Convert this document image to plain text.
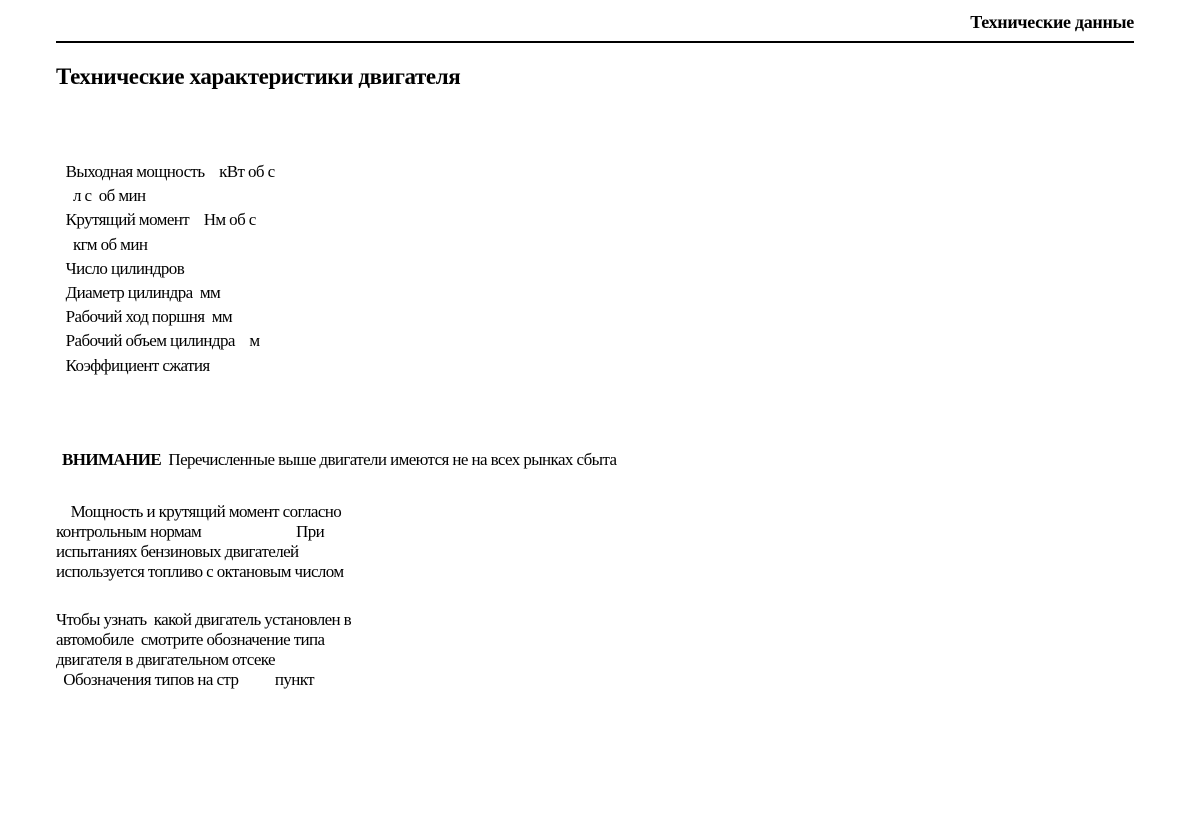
Технические данные
Технические характеристики двигателя
Выходная мощность    кВт об с
л с  об мин
Крутящий момент    Нм об с
кгм об мин
Число цилиндров
Диаметр цилиндра  мм
Рабочий ход поршня  мм
Рабочий объем цилиндра    м
Коэффициент сжатия
ВНИМАНИЕ  Перечисленные выше двигатели имеются не на всех рынках сбыта
Мощность и крутящий момент согласно
контрольным нормам                          При
испытаниях бензиновых двигателей
используется топливо с октановым числом
Чтобы узнать  какой двигатель установлен в
автомобиле  смотрите обозначение типа
двигателя в двигательном отсеке
Обозначения типов на стр          пункт
